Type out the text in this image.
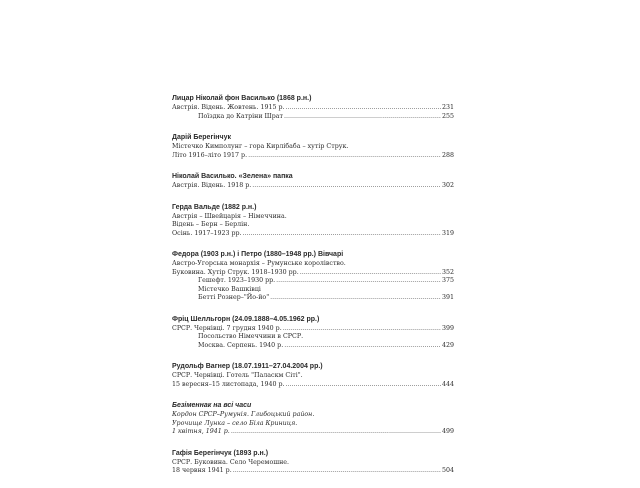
Лицар Ніколай фон Василько (1868 р.н.)
Австрія. Відень. Жовтень. 1915 р. .....	231
Поїздка до Катріни Шрат .....	255
Дарій Берегінчук
Містечко Кимполунг – гора Кирлібаба – хутір Струк.
Літо 1916–літо 1917 р. .....	288
Ніколай Василько. «Зелена» папка
Австрія. Відень. 1918 р. .....	302
Герда Вальде (1882 р.н.)
Австрія – Швейцарія – Німеччина.
Відень – Берн – Берлін.
Осінь. 1917–1923 рр. .....	319
Федора (1903 р.н.) і Петро (1880–1948 рр.) Вівчарі
Австро-Угорська монархія – Румунське королівство.
Буковина. Хутір Струк. 1918–1930 рр. .....	352
Гешефт. 1923–1930 рр. .....	375
Містечко Вашківці
Бетті Рознер–"Йо-йо" .....	391
Фріц Шелльгорн (24.09.1888–4.05.1962 рр.)
СРСР. Чернівці. 7 грудня 1940 р. .....	399
Посольство Німеччини в СРСР.
Москва. Серпень. 1940 р. .....	429
Рудольф Вагнер (18.07.1911–27.04.2004 рр.)
СРСР. Чернівці. Готель "Паласкм Сіті".
15 вересня–15 листопада, 1940 р. .....	444
Безіменнак на всі часи
Кордон СРСР–Румунія. Глибоцький район.
Урочище Лунка – село Біла Криниця.
1 квітня, 1941 р. .....	499
Гафія Берегінчук (1893 р.н.)
СРСР. Буковина. Село Черемошне.
18 червня 1941 р. .....	504
